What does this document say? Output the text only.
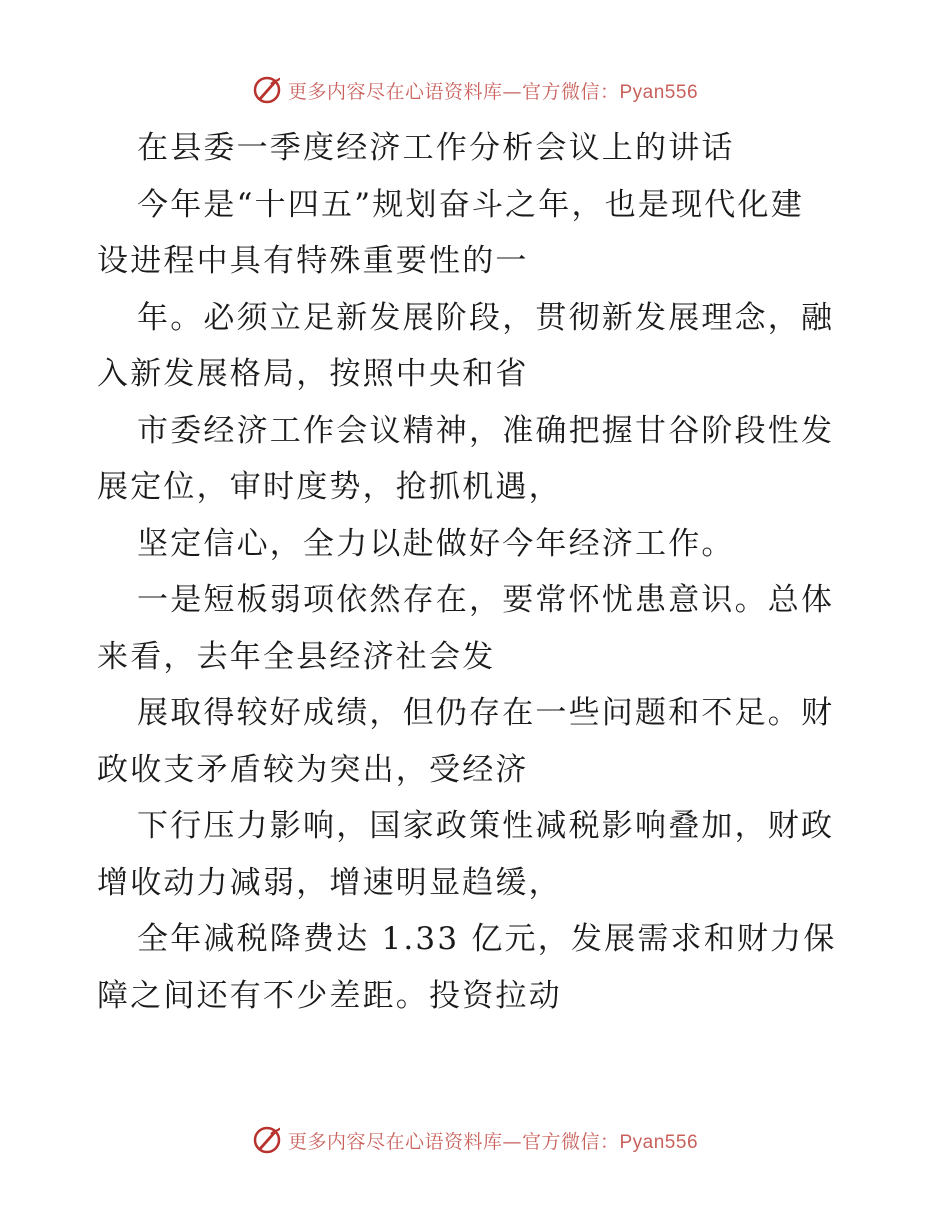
更多内容尽在心语资料库—官方微信：Pyan556
在县委一季度经济工作分析会议上的讲话
今年是“十四五”规划奋斗之年，也是现代化建
设进程中具有特殊重要性的一
年。必须立足新发展阶段，贯彻新发展理念，融
入新发展格局，按照中央和省
市委经济工作会议精神，准确把握甘谷阶段性发
展定位，审时度势，抢抓机遇，
坚定信心，全力以赴做好今年经济工作。
一是短板弱项依然存在，要常怀忧患意识。总体
来看，去年全县经济社会发
展取得较好成绩，但仍存在一些问题和不足。财
政收支矛盾较为突出，受经济
下行压力影响，国家政策性减税影响叠加，财政
增收动力减弱，增速明显趋缓，
全年减税降费达 1.33 亿元，发展需求和财力保
障之间还有不少差距。投资拉动
更多内容尽在心语资料库—官方微信：Pyan556
